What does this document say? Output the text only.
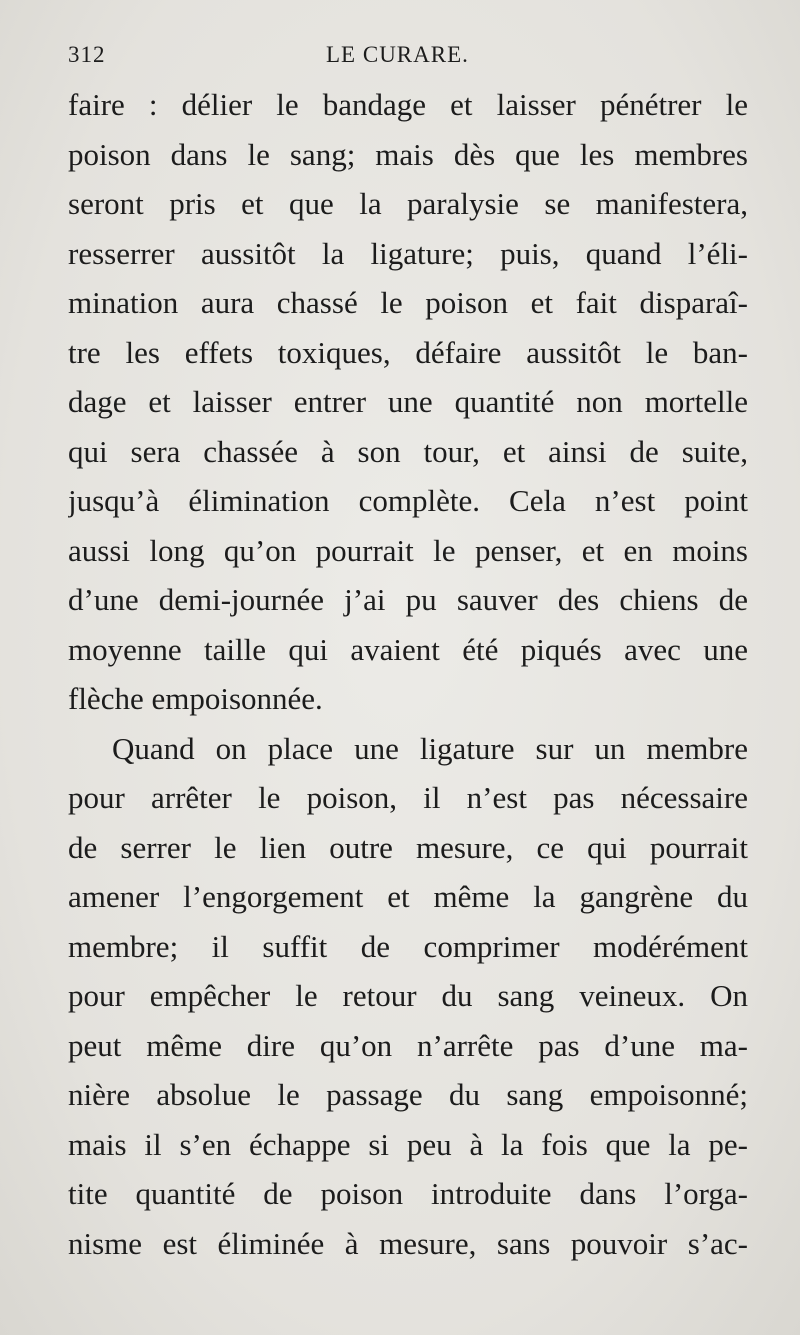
312	LE CURARE.
faire : délier le bandage et laisser pénétrer le
poison dans le sang; mais dès que les membres
seront pris et que la paralysie se manifestera,
resserrer aussitôt la ligature; puis, quand l’éli-
mination aura chassé le poison et fait disparaî-
tre les effets toxiques, défaire aussitôt le ban-
dage et laisser entrer une quantité non mortelle
qui sera chassée à son tour, et ainsi de suite,
jusqu’à élimination complète. Cela n’est point
aussi long qu’on pourrait le penser, et en moins
d’une demi-journée j’ai pu sauver des chiens de
moyenne taille qui avaient été piqués avec une
flèche empoisonnée.
Quand on place une ligature sur un membre
pour arrêter le poison, il n’est pas nécessaire
de serrer le lien outre mesure, ce qui pourrait
amener l’engorgement et même la gangrène du
membre; il suffit de comprimer modérément
pour empêcher le retour du sang veineux. On
peut même dire qu’on n’arrête pas d’une ma-
nière absolue le passage du sang empoisonné;
mais il s’en échappe si peu à la fois que la pe-
tite quantité de poison introduite dans l’orga-
nisme est éliminée à mesure, sans pouvoir s’ac-
